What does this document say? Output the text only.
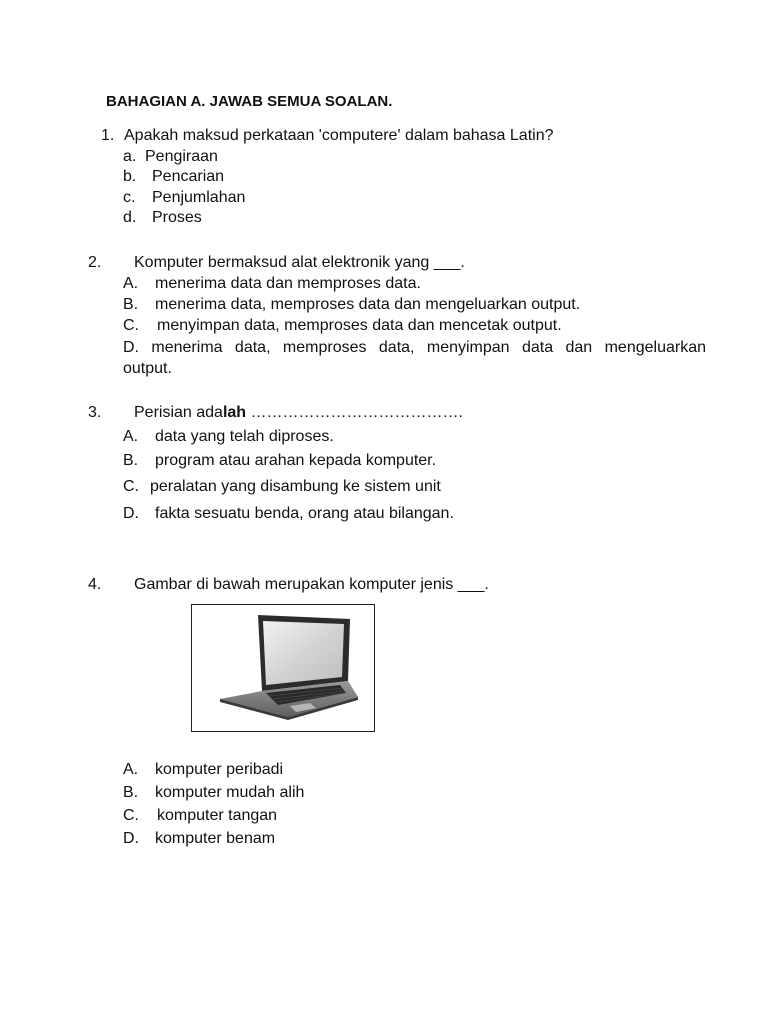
BAHAGIAN A. JAWAB SEMUA SOALAN.
1. Apakah maksud perkataan 'computere' dalam bahasa Latin?
a. Pengiraan
b. Pencarian
c. Penjumlahan
d. Proses
2. Komputer bermaksud alat elektronik yang ___.
A. menerima data dan memproses data.
B. menerima data, memproses data dan mengeluarkan output.
C. menyimpan data, memproses data dan mencetak output.
D. menerima data, memproses data, menyimpan data dan mengeluarkan
output.
3. Perisian adalah ………………………………….
A. data yang telah diproses.
B. program atau arahan kepada komputer.
C. peralatan yang disambung ke sistem unit
D. fakta sesuatu benda, orang atau bilangan.
4. Gambar di bawah merupakan komputer jenis ___.
A. komputer peribadi
B. komputer mudah alih
C. komputer tangan
D. komputer benam
